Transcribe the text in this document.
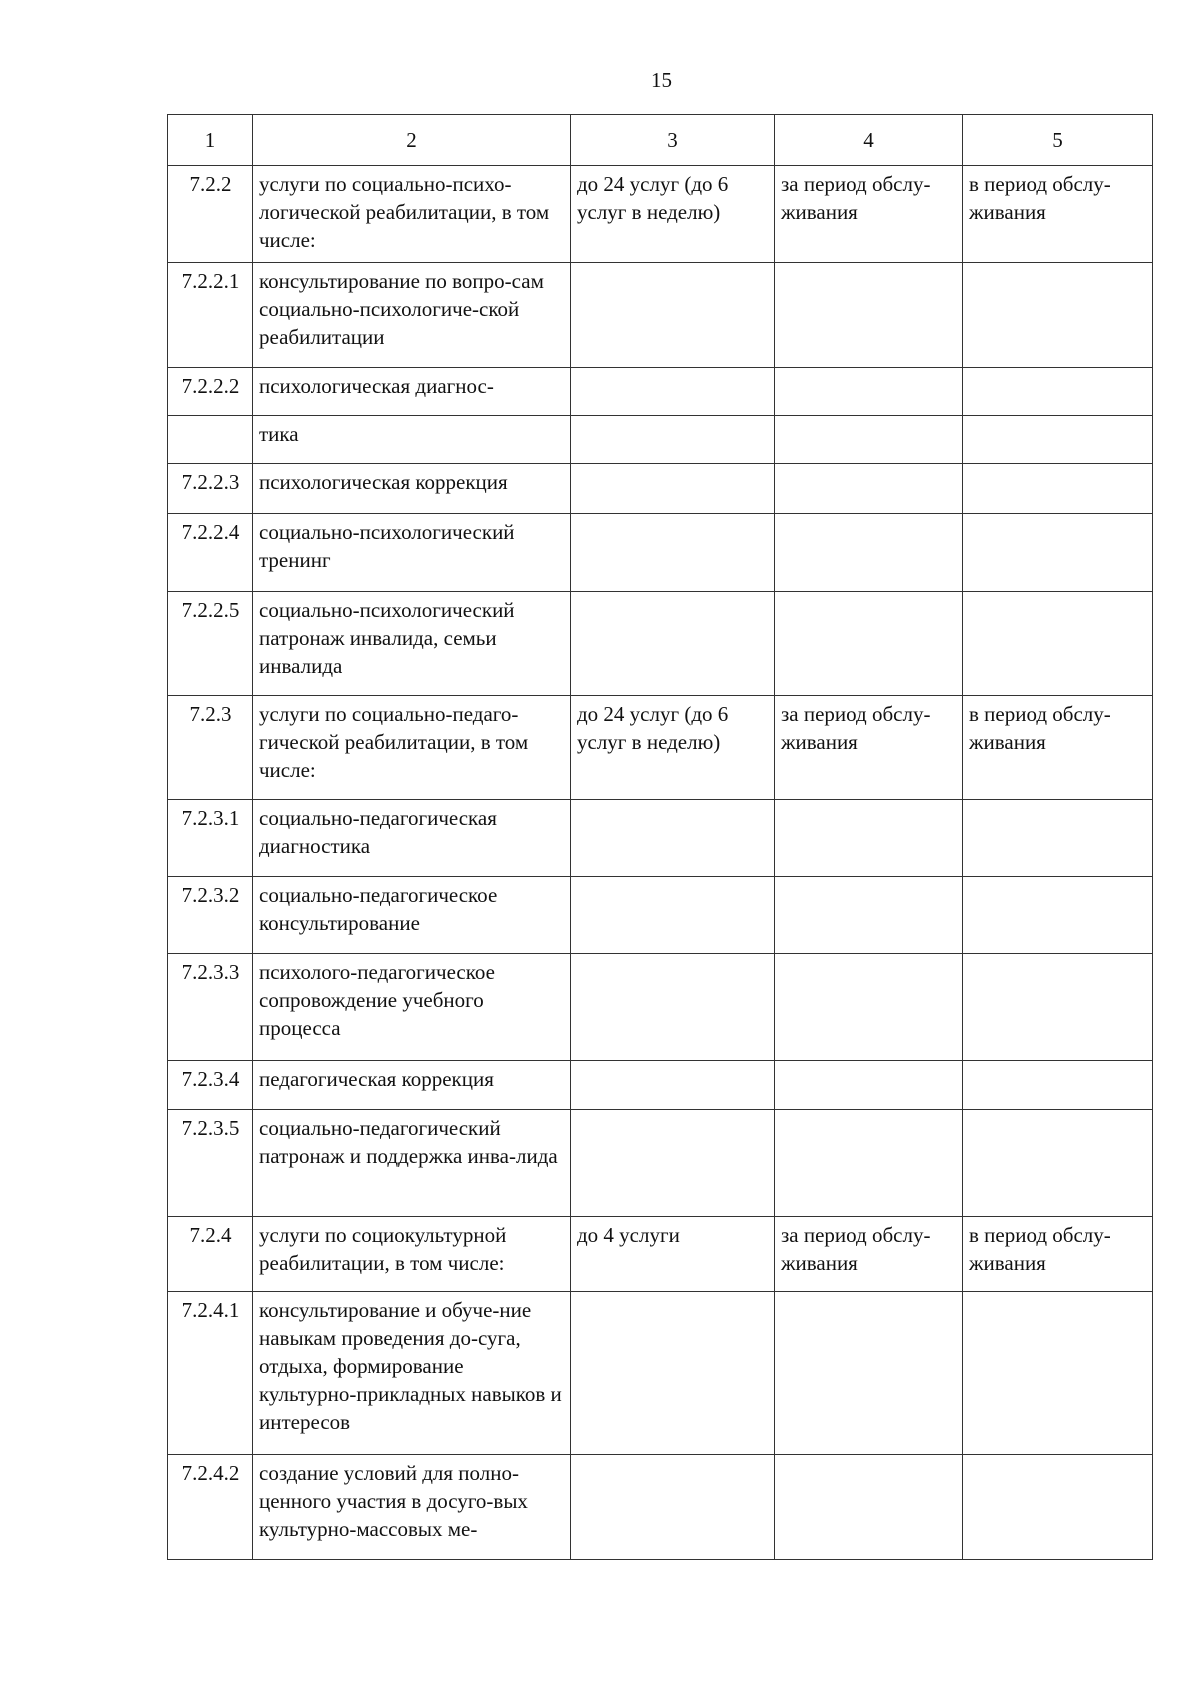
15
1	2	3	4	5
7.2.2	услуги по социально-психо-логической реабилитации, в том числе:	до 24 услуг (до 6 услуг в неделю)	за период обслу-живания	в период обслу-живания
7.2.2.1	консультирование по вопро-сам социально-психологиче-ской реабилитации			
7.2.2.2	психологическая диагнос-			
	тика			
7.2.2.3	психологическая коррекция			
7.2.2.4	социально-психологический тренинг			
7.2.2.5	социально-психологический патронаж инвалида, семьи инвалида			
7.2.3	услуги по социально-педаго-гической реабилитации, в том числе:	до 24 услуг (до 6 услуг в неделю)	за период обслу-живания	в период обслу-живания
7.2.3.1	социально-педагогическая диагностика			
7.2.3.2	социально-педагогическое консультирование			
7.2.3.3	психолого-педагогическое сопровождение учебного процесса			
7.2.3.4	педагогическая коррекция			
7.2.3.5	социально-педагогический патронаж и поддержка инва-лида			
7.2.4	услуги по социокультурной реабилитации, в том числе:	до 4 услуги	за период обслу-живания	в период обслу-живания
7.2.4.1	консультирование и обуче-ние навыкам проведения до-суга, отдыха, формирование культурно-прикладных навыков и интересов			
7.2.4.2	создание условий для полно-ценного участия в досуго-вых культурно-массовых ме-			
